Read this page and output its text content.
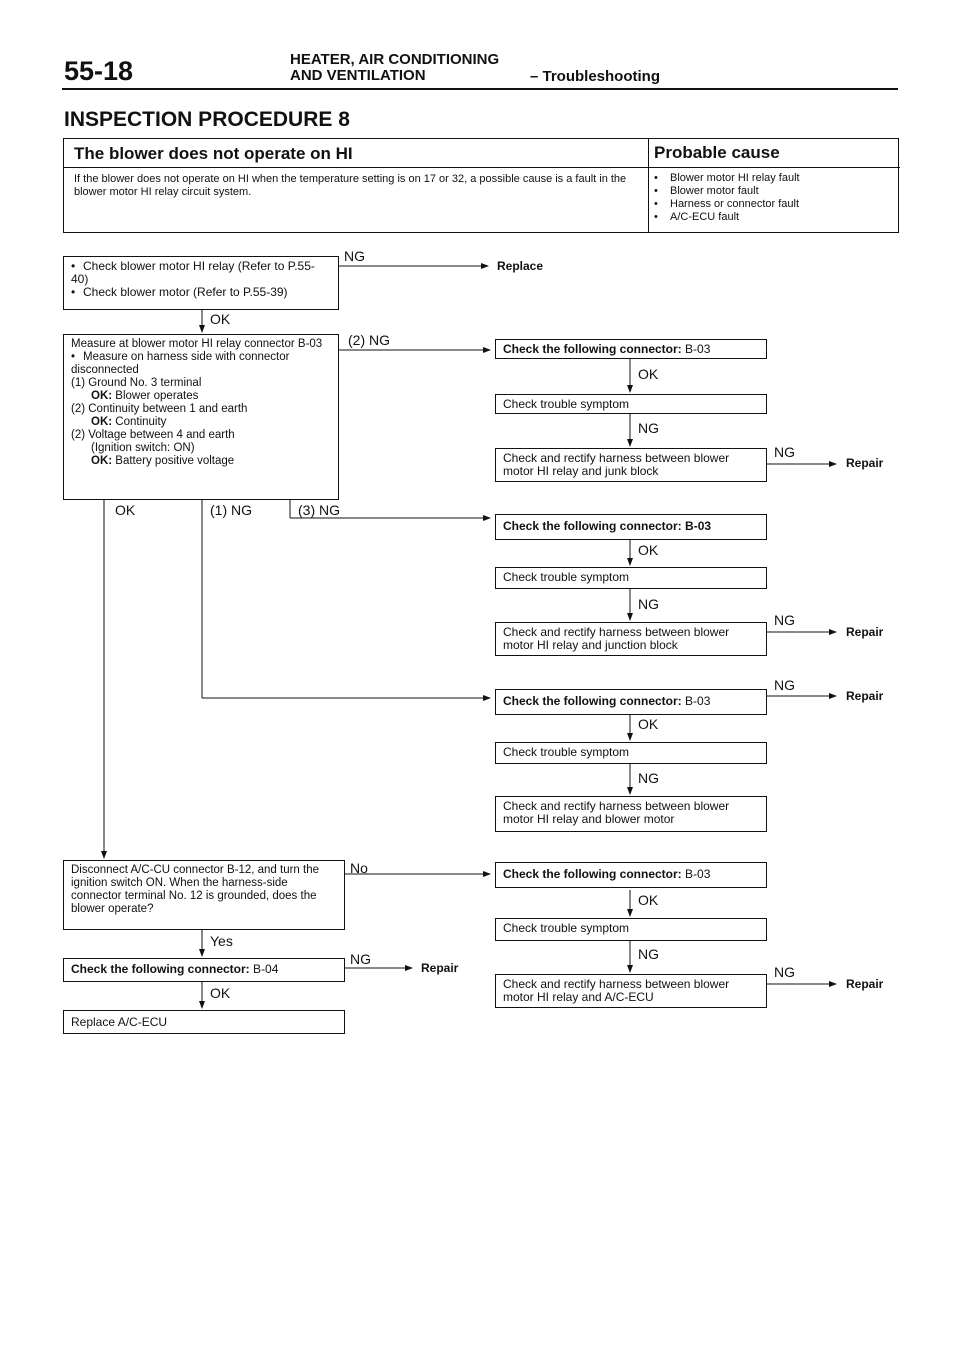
55-18	HEATER, AIR CONDITIONING
AND VENTILATION	– Troubleshooting
INSPECTION PROCEDURE 8
The blower does not operate on HI	Probable cause
If the blower does not operate on HI when the temperature setting is on 17 or 32, a possible cause is a fault in the blower motor HI relay circuit system.
• Blower motor HI relay fault
• Blower motor fault
• Harness or connector fault
• A/C-ECU fault
• Check blower motor HI relay (Refer to P.55-40)
• Check blower motor (Refer to P.55-39)
NG
Replace
OK
Measure at blower motor HI relay connector B-03
• Measure on harness side with connector disconnected
(1) Ground No. 3 terminal
OK: Blower operates
(2) Continuity between 1 and earth
OK: Continuity
(2) Voltage between 4 and earth
(Ignition switch: ON)
OK: Battery positive voltage
(2) NG
OK	(1) NG	(3) NG
Check the following connector: B-03
OK
Check trouble symptom
NG
Check and rectify harness between blower motor HI relay and junk block
NG
Repair
Check the following connector: B-03
OK
Check trouble symptom
NG
Check and rectify harness between blower motor HI relay and junction block
NG
Repair
Check the following connector: B-03
NG
Repair
OK
Check trouble symptom
NG
Check and rectify harness between blower motor HI relay and blower motor
Disconnect A/C-CU connector B-12, and turn the ignition switch ON. When the harness-side connector terminal No. 12 is grounded, does the blower operate?
No
Yes
Check the following connector: B-04
NG
Repair
OK
Replace A/C-ECU
Check the following connector: B-03
OK
Check trouble symptom
NG
Check and rectify harness between blower motor HI relay and A/C-ECU
NG
Repair
